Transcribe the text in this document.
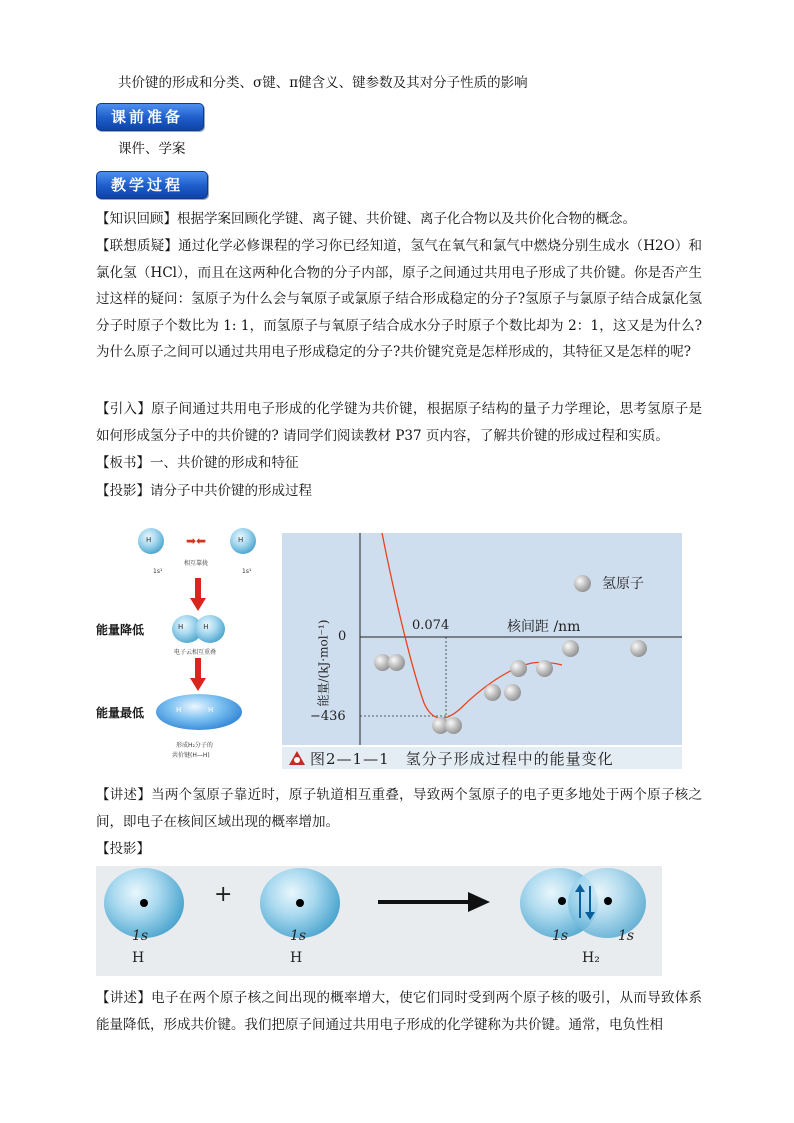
共价键的形成和分类、σ键、π健含义、键参数及其对分子性质的影响
课前准备
课件、学案
教学过程
【知识回顾】根据学案回顾化学键、离子键、共价键、离子化合物以及共价化合物的概念。
【联想质疑】通过化学必修课程的学习你已经知道，氢气在氧气和氯气中燃烧分别生成水（H2O）和氯化氢（HCl），而且在这两种化合物的分子内部，原子之间通过共用电子形成了共价键。你是否产生过这样的疑问：氢原子为什么会与氧原子或氯原子结合形成稳定的分子?氢原子与氯原子结合成氯化氢分子时原子个数比为 1: 1，而氢原子与氧原子结合成水分子时原子个数比却为 2：1，这又是为什么?为什么原子之间可以通过共用电子形成稳定的分子?共价键究竟是怎样形成的，其特征又是怎样的呢?
【引入】原子间通过共用电子形成的化学键为共价键，根据原子结构的量子力学理论，思考氢原子是如何形成氢分子中的共价键的? 请同学们阅读教材 P37 页内容，了解共价键的形成过程和实质。
【板书】一、共价键的形成和特征
【投影】请分子中共价键的形成过程
H	H
➡⬅
相互靠拢
1s¹	1s¹
能量降低	H         H
电子云相互重叠
能量最低	H            H
形成H₂分子的
共价键(H—H)
氢原子
0.074	核间距 /nm
0
−436
能量/(kJ·mol⁻¹)
图2—1—1　氢分子形成过程中的能量变化
【讲述】当两个氢原子靠近时，原子轨道相互重叠，导致两个氢原子的电子更多地处于两个原子核之间，即电子在核间区域出现的概率增加。
【投影】
+
1s
H
1s
H
1s	1s
H₂
【讲述】电子在两个原子核之间出现的概率增大，使它们同时受到两个原子核的吸引，从而导致体系能量降低，形成共价键。我们把原子间通过共用电子形成的化学键称为共价键。通常，电负性相
